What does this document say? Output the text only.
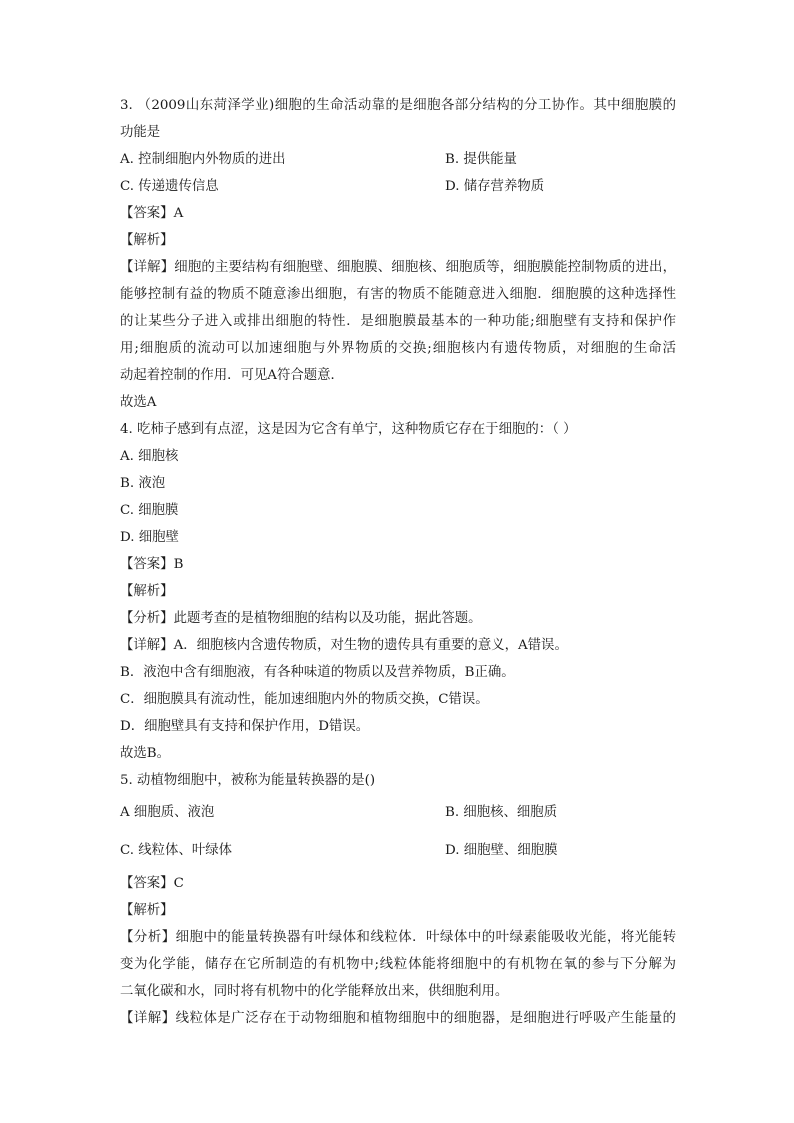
3. （2009山东菏泽学业)细胞的生命活动靠的是细胞各部分结构的分工协作。其中细胞膜的
功能是
A. 控制细胞内外物质的进出	B. 提供能量
C. 传递遗传信息	D. 储存营养物质
【答案】A
【解析】
【详解】细胞的主要结构有细胞壁、细胞膜、细胞核、细胞质等，细胞膜能控制物质的进出，
能够控制有益的物质不随意渗出细胞，有害的物质不能随意进入细胞．细胞膜的这种选择性
的让某些分子进入或排出细胞的特性．是细胞膜最基本的一种功能;细胞壁有支持和保护作
用;细胞质的流动可以加速细胞与外界物质的交换;细胞核内有遗传物质，对细胞的生命活
动起着控制的作用．可见A符合题意．
故选A
4. 吃柿子感到有点涩，这是因为它含有单宁，这种物质它存在于细胞的：（ ）
A. 细胞核
B. 液泡
C. 细胞膜
D. 细胞壁
【答案】B
【解析】
【分析】此题考查的是植物细胞的结构以及功能，据此答题。
【详解】A．细胞核内含遗传物质，对生物的遗传具有重要的意义，A错误。
B．液泡中含有细胞液，有各种味道的物质以及营养物质，B正确。
C．细胞膜具有流动性，能加速细胞内外的物质交换，C错误。
D．细胞壁具有支持和保护作用，D错误。
故选B。
5. 动植物细胞中，被称为能量转换器的是()
A 细胞质、液泡	B. 细胞核、细胞质
C. 线粒体、叶绿体	D. 细胞壁、细胞膜
【答案】C
【解析】
【分析】细胞中的能量转换器有叶绿体和线粒体．叶绿体中的叶绿素能吸收光能，将光能转
变为化学能，储存在它所制造的有机物中;线粒体能将细胞中的有机物在氧的参与下分解为
二氧化碳和水，同时将有机物中的化学能释放出来，供细胞利用。
【详解】线粒体是广泛存在于动物细胞和植物细胞中的细胞器，是细胞进行呼吸产生能量的
